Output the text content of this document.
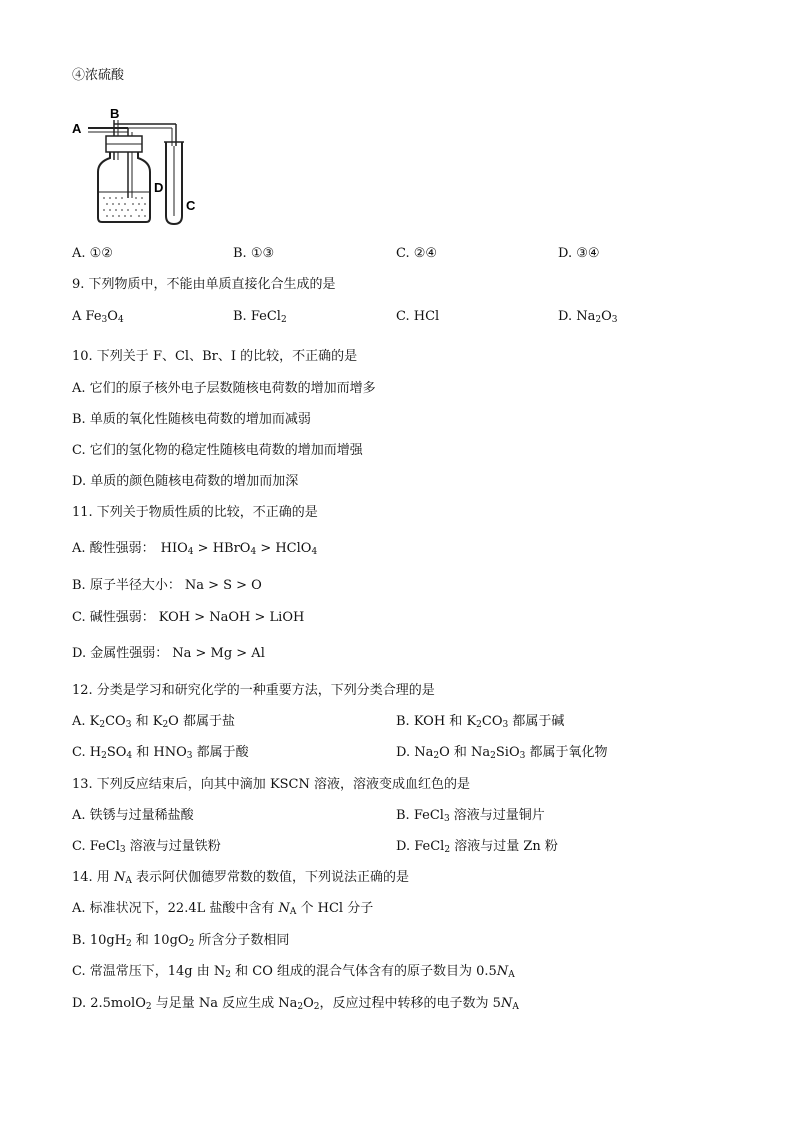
④浓硫酸
A
B
C
D
A. ①②	B. ①③	C. ②④	D. ③④
9. 下列物质中，不能由单质直接化合生成的是
A $Fe_3O_4$	B. FeCl$_2$	C. HCl	D. $Na_2O_3$
10. 下列关于 F、Cl、Br、I 的比较，不正确的是
A. 它们的原子核外电子层数随核电荷数的增加而增多
B. 单质的氧化性随核电荷数的增加而减弱
C. 它们的氢化物的稳定性随核电荷数的增加而增强
D. 单质的颜色随核电荷数的增加而加深
11. 下列关于物质性质的比较，不正确的是
A. 酸性强弱： $HIO_4$ > HBrO$_4$ > HClO$_4$
B. 原子半径大小： Na > S > O
C. 碱性强弱： KOH > NaOH > LiOH
D. 金属性强弱： Na > Mg > Al
12. 分类是学习和研究化学的一种重要方法，下列分类合理的是
A. $K_2CO_3$ 和 $K_2O$ 都属于盐	B. KOH 和 $K_2CO_3$ 都属于碱
C. $H_2SO_4$ 和 $HNO_3$ 都属于酸	D. $Na_2O$ 和 $Na_2SiO_3$ 都属于氧化物
13. 下列反应结束后，向其中滴加 KSCN 溶液，溶液变成血红色的是
A. 铁锈与过量稀盐酸	B. FeCl$_3$ 溶液与过量铜片
C. FeCl$_3$ 溶液与过量铁粉	D. FeCl$_2$ 溶液与过量 Zn 粉
14. 用 $N_A$ 表示阿伏伽德罗常数的数值，下列说法正确的是
A. 标准状况下，22.4L 盐酸中含有 $N_A$ 个 HCl 分子
B. $10gH_2$ 和 $10gO_2$ 所含分子数相同
C. 常温常压下，14g 由 $N_2$ 和 CO 组成的混合气体含有的原子数目为 $0.5N_A$
D. 2.5molO$_2$ 与足量 Na 反应生成 $Na_2O_2$，反应过程中转移的电子数为 $5N_A$
